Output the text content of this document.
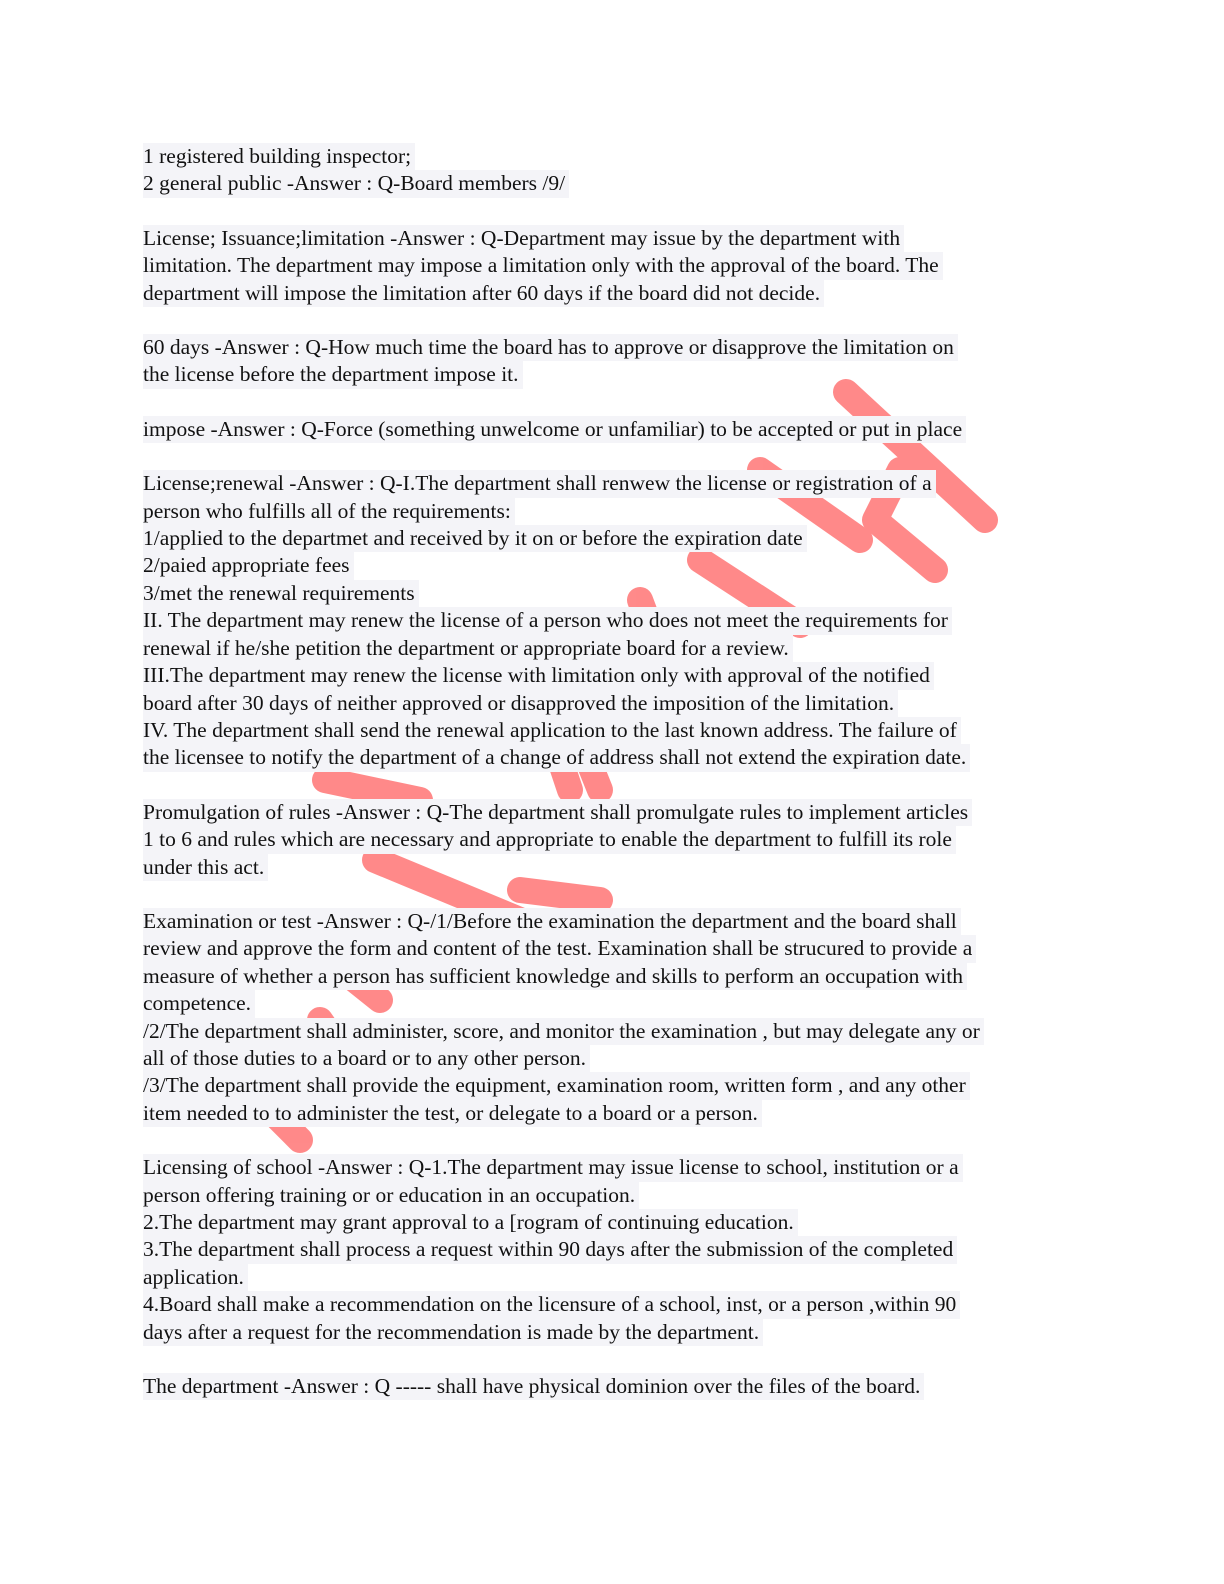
1 registered building inspector;
2 general public -Answer : Q-Board members /9/
License; Issuance;limitation -Answer : Q-Department may issue by the department with
limitation. The department may impose a limitation only with the approval of the board. The
department will impose the limitation after 60 days if the board did not decide.
60 days -Answer : Q-How much time the board has to approve or disapprove the limitation on
the license before the department impose it.
impose -Answer : Q-Force (something unwelcome or unfamiliar) to be accepted or put in place
License;renewal -Answer : Q-I.The department shall renwew the license or registration of a
person who fulfills all of the requirements:
1/applied to the departmet and received by it on or before the expiration date
2/paied appropriate fees
3/met the renewal requirements
II. The department may renew the license of a person who does not meet the requirements for
renewal if he/she petition the department or appropriate board for a review.
III.The department may renew the license with limitation only with approval of the notified
board after 30 days of neither approved or disapproved the imposition of the limitation.
IV. The department shall send the renewal application to the last known address. The failure of
the licensee to notify the department of a change of address shall not extend the expiration date.
Promulgation of rules -Answer : Q-The department shall promulgate rules to implement articles
1 to 6 and rules which are necessary and appropriate to enable the department to fulfill its role
under this act.
Examination or test -Answer : Q-/1/Before the examination the department and the board shall
review and approve the form and content of the test. Examination shall be strucured to provide a
measure of whether a person has sufficient knowledge and skills to perform an occupation with
competence.
/2/The department shall administer, score, and monitor the examination , but may delegate any or
all of those duties to a board or to any other person.
/3/The department shall provide the equipment, examination room, written form , and any other
item needed to to administer the test, or delegate to a board or a person.
Licensing of school -Answer : Q-1.The department may issue license to school, institution or a
person offering training or or education in an occupation.
2.The department may grant approval to a [rogram of continuing education.
3.The department shall process a request within 90 days after the submission of the completed
application.
4.Board shall make a recommendation on the licensure of a school, inst, or a person ,within 90
days after a request for the recommendation is made by the department.
The department -Answer : Q ----- shall have physical dominion over the files of the board.
